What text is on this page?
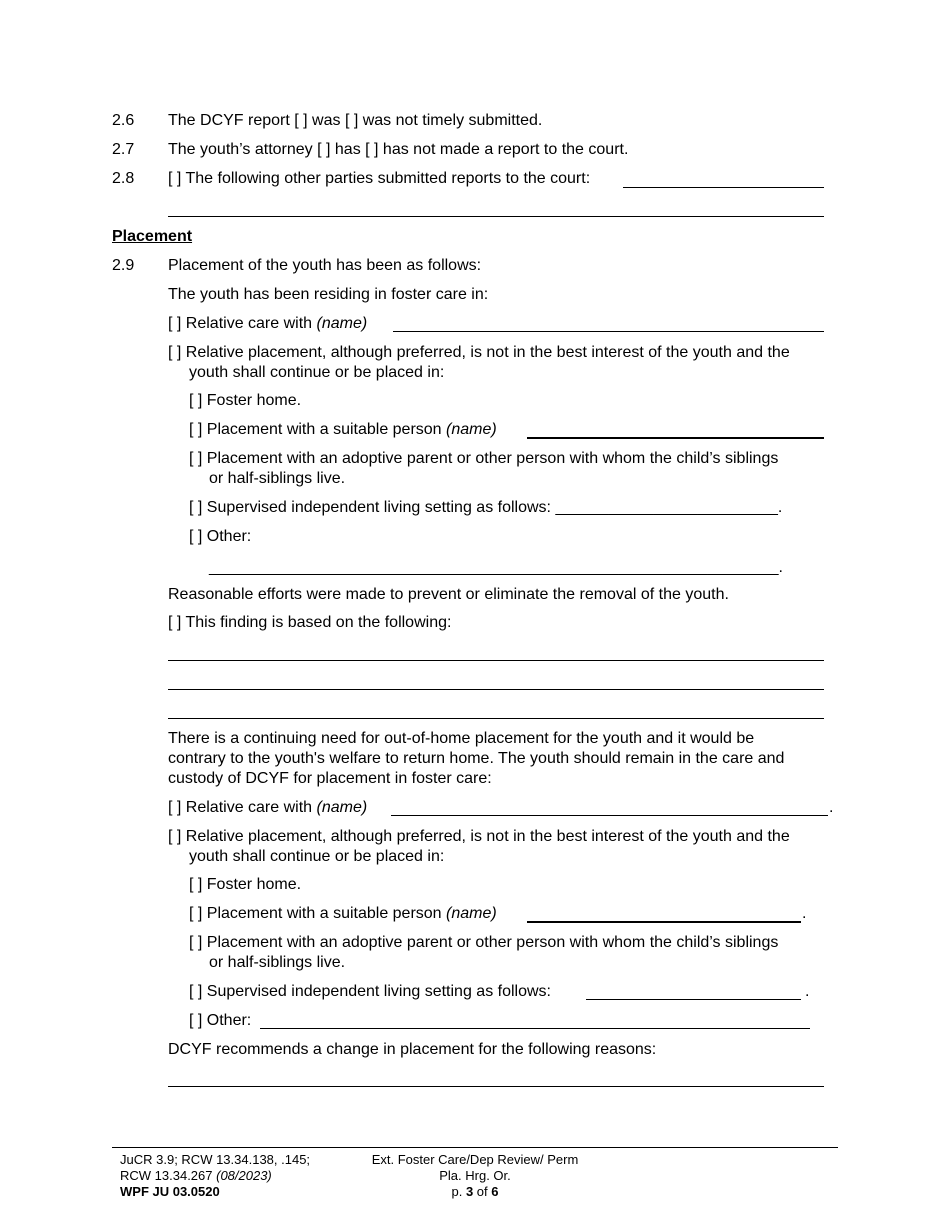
2.6 The DCYF report [ ] was [ ] was not timely submitted.
2.7 The youth’s attorney [ ] has [ ] has not made a report to the court.
2.8 [ ] The following other parties submitted reports to the court:
Placement
2.9 Placement of the youth has been as follows:
The youth has been residing in foster care in:
[ ] Relative care with (name)
[ ] Relative placement, although preferred, is not in the best interest of the youth and the
youth shall continue or be placed in:
[ ] Foster home.
[ ] Placement with a suitable person (name)
[ ] Placement with an adoptive parent or other person with whom the child’s siblings
or half-siblings live.
[ ] Supervised independent living setting as follows: _________________________.
[ ] Other:
________________________________________________________________.
Reasonable efforts were made to prevent or eliminate the removal of the youth.
[ ] This finding is based on the following:
There is a continuing need for out-of-home placement for the youth and it would be
contrary to the youth's welfare to return home. The youth should remain in the care and
custody of DCYF for placement in foster care:
[ ] Relative care with (name)	.
[ ] Relative placement, although preferred, is not in the best interest of the youth and the
youth shall continue or be placed in:
[ ] Foster home.
[ ] Placement with a suitable person (name)	.
[ ] Placement with an adoptive parent or other person with whom the child’s siblings
or half-siblings live.
[ ] Supervised independent living setting as follows:	.
[ ] Other:
DCYF recommends a change in placement for the following reasons:
JuCR 3.9; RCW 13.34.138, .145;
RCW 13.34.267 (08/2023)
WPF JU 03.0520
Ext. Foster Care/Dep Review/ Perm
Pla. Hrg. Or.
p. 3 of 6
